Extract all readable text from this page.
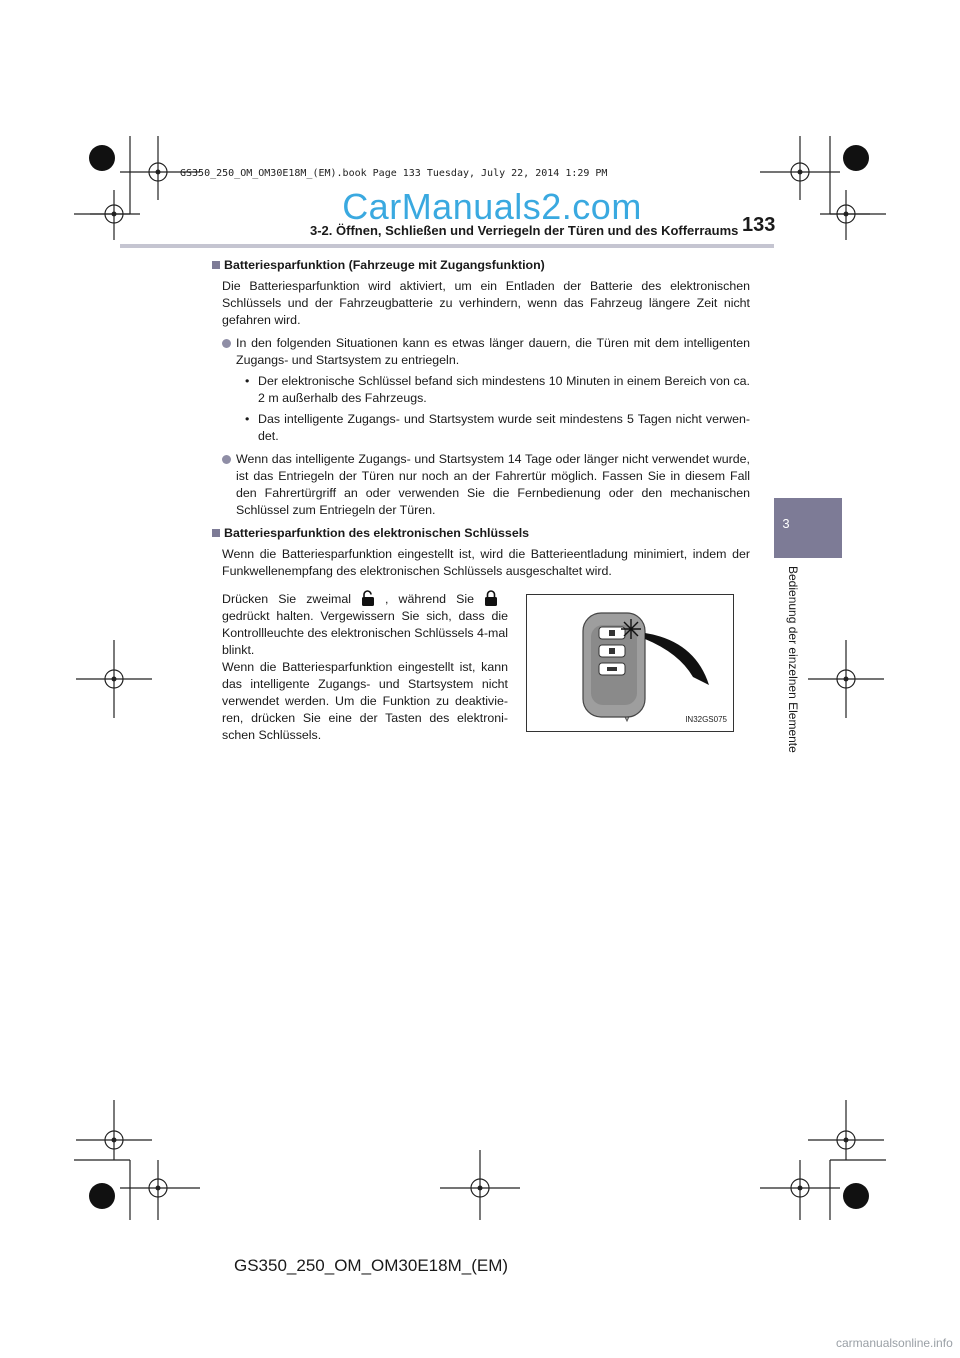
GS350_250_OM_OM30E18M_(EM).book Page 133 Tuesday, July 22, 2014 1:29 PM
CarManuals2.com
3-2. Öffnen, Schließen und Verriegeln der Türen und des Kofferraums 133
3
Bedienung der einzelnen Elemente

Batteriesparfunktion (Fahrzeuge mit Zugangsfunktion)

Die Batteriesparfunktion wird aktiviert, um ein Entladen der Batterie des elektronischen Schlüssels und der Fahrzeugbatterie zu verhindern, wenn das Fahrzeug längere Zeit nicht gefahren wird.

In den folgenden Situationen kann es etwas länger dauern, die Türen mit dem intelligenten Zugangs- und Startsystem zu entriegeln.

• Der elektronische Schlüssel befand sich mindestens 10 Minuten in einem Bereich von ca. 2 m außerhalb des Fahrzeugs.

• Das intelligente Zugangs- und Startsystem wurde seit mindestens 5 Tagen nicht verwen-det.

Wenn das intelligente Zugangs- und Startsystem 14 Tage oder länger nicht verwendet wurde, ist das Entriegeln der Türen nur noch an der Fahrertür möglich. Fassen Sie in diesem Fall den Fahrertürgriff an oder verwenden Sie die Fernbedienung oder den mechanischen Schlüssel zum Entriegeln der Türen.

Batteriesparfunktion des elektronischen Schlüssels

Wenn die Batteriesparfunktion eingestellt ist, wird die Batterieentladung minimiert, indem der Funkwellenempfang des elektronischen Schlüssels ausgeschaltet wird.

Drücken Sie zweimal	, während Sie gedrückt halten. Vergewissern Sie sich, dass die Kontrollleuchte des elektronischen Schlüssels 4-mal blinkt.
Wenn die Batteriesparfunktion eingestellt ist, kann das intelligente Zugangs- und Startsystem nicht verwendet werden. Um die Funktion zu deaktivie-ren, drücken Sie eine der Tasten des elektroni-schen Schlüssels.
IN32GS075
GS350_250_OM_OM30E18M_(EM)
carmanualsonline.info
